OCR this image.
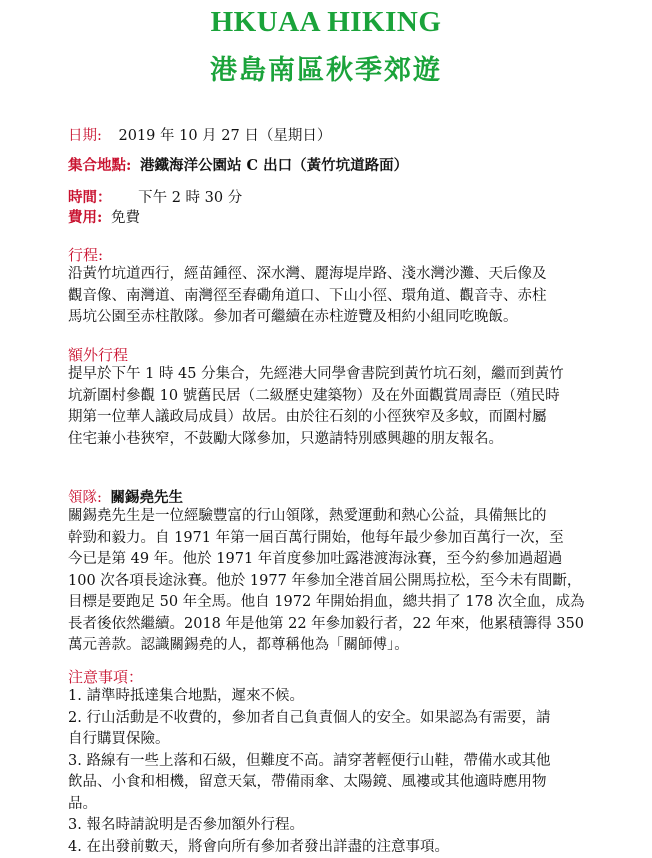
HKUAA HIKING
港島南區秋季郊遊
日期: 2019 年 10 月 27 日（星期日）
集合地點: 港鐵海洋公園站 C 出口（黃竹坑道路面）
時間： 下午 2 時 30 分
費用: 免費
行程:
沿黃竹坑道西行，經苗鍾徑、深水灣、麗海堤岸路、淺水灣沙灘、天后像及
觀音像、南灣道、南灣徑至舂磡角道口、下山小徑、環角道、觀音寺、赤柱
馬坑公園至赤柱散隊。參加者可繼續在赤柱遊覽及相約小組同吃晚飯。
額外行程
提早於下午 1 時 45 分集合，先經港大同學會書院到黃竹坑石刻，繼而到黃竹
坑新圍村參觀 10 號舊民居（二級歷史建築物）及在外面觀賞周壽臣（殖民時
期第一位華人議政局成員）故居。由於往石刻的小徑狹窄及多蚊，而圍村屬
住宅兼小巷狹窄，不鼓勵大隊參加，只邀請特別感興趣的朋友報名。
領隊: 關錫堯先生
關錫堯先生是一位經驗豐富的行山領隊，熱愛運動和熱心公益，具備無比的
幹勁和毅力。自 1971 年第一屆百萬行開始，他每年最少參加百萬行一次，至
今已是第 49 年。他於 1971 年首度參加吐露港渡海泳賽，至今約參加過超過
100 次各項長途泳賽。他於 1977 年參加全港首屆公開馬拉松，至今未有間斷，
目標是要跑足 50 年全馬。他自 1972 年開始捐血，總共捐了 178 次全血，成為
長者後依然繼續。2018 年是他第 22 年參加毅行者，22 年來，他累積籌得 350
萬元善款。認識關錫堯的人，都尊稱他為「關師傅」。
注意事項：
1. 請準時抵達集合地點，遲來不候。
2. 行山活動是不收費的，參加者自己負責個人的安全。如果認為有需要，請
自行購買保險。
3. 路線有一些上落和石級，但難度不高。請穿著輕便行山鞋，帶備水或其他
飲品、小食和相機，留意天氣，帶備雨傘、太陽鏡、風褸或其他適時應用物
品。
3. 報名時請說明是否參加額外行程。
4. 在出發前數天，將會向所有參加者發出詳盡的注意事項。
